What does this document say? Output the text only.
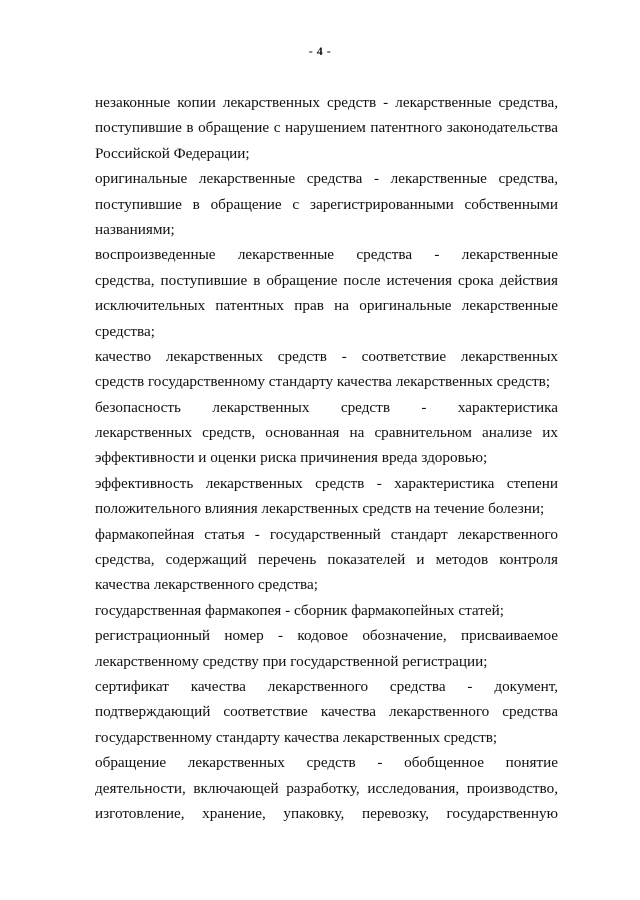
- 4 -
незаконные копии лекарственных средств - лекарственные средства,
поступившие в обращение с нарушением патентного законодательства
Российской Федерации;
оригинальные лекарственные средства - лекарственные средства,
поступившие в обращение с зарегистрированными собственными
названиями;
воспроизведенные лекарственные средства - лекарственные
средства, поступившие в обращение после истечения срока действия
исключительных патентных прав на оригинальные лекарственные
средства;
качество лекарственных средств - соответствие лекарственных
средств государственному стандарту качества лекарственных средств;
безопасность лекарственных средств - характеристика
лекарственных средств, основанная на сравнительном анализе их
эффективности и оценки риска причинения вреда здоровью;
эффективность лекарственных средств - характеристика степени
положительного влияния лекарственных средств на течение болезни;
фармакопейная статья - государственный стандарт лекарственного
средства, содержащий перечень показателей и методов контроля
качества лекарственного средства;
государственная фармакопея - сборник фармакопейных статей;
регистрационный номер - кодовое обозначение, присваиваемое
лекарственному средству при государственной регистрации;
сертификат качества лекарственного средства - документ,
подтверждающий соответствие качества лекарственного средства
государственному стандарту качества лекарственных средств;
обращение лекарственных средств - обобщенное понятие
деятельности, включающей разработку, исследования, производство,
изготовление, хранение, упаковку, перевозку, государственную
